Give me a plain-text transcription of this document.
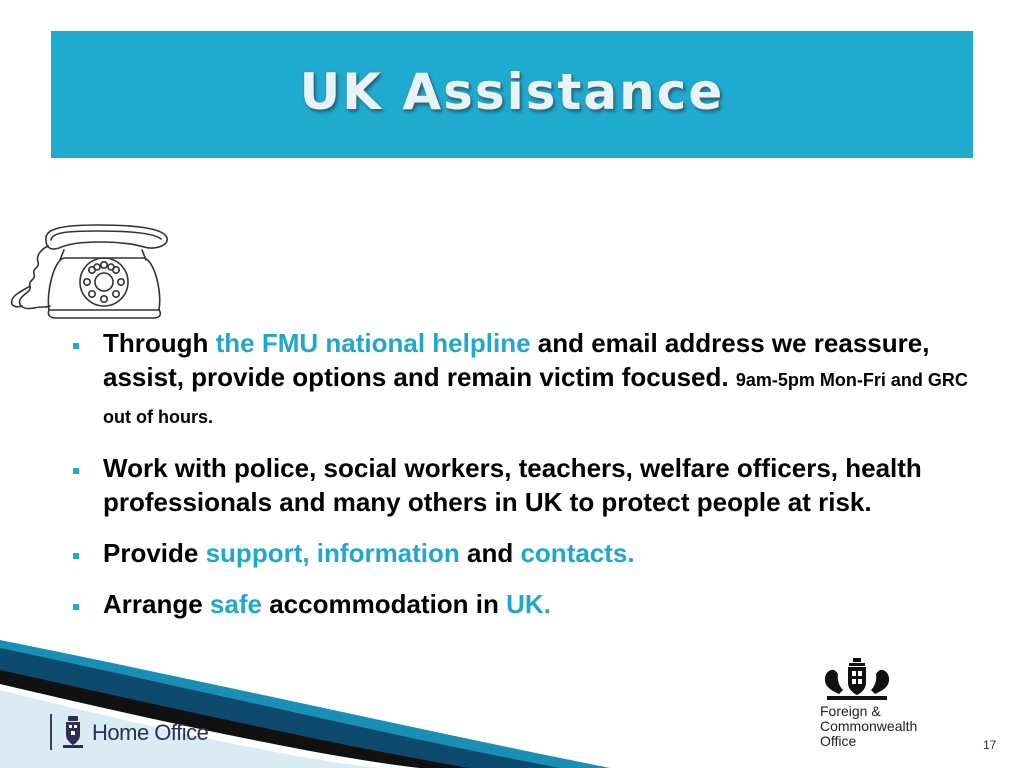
UK Assistance
Through the FMU national helpline and email address we reassure, assist, provide options and remain victim focused. 9am-5pm Mon-Fri and GRC out of hours.
Work with police, social workers, teachers, welfare officers, health professionals and many others in UK to protect people at risk.
Provide support, information and contacts.
Arrange safe accommodation in UK.
Home Office
Foreign &
Commonwealth
Office	17
